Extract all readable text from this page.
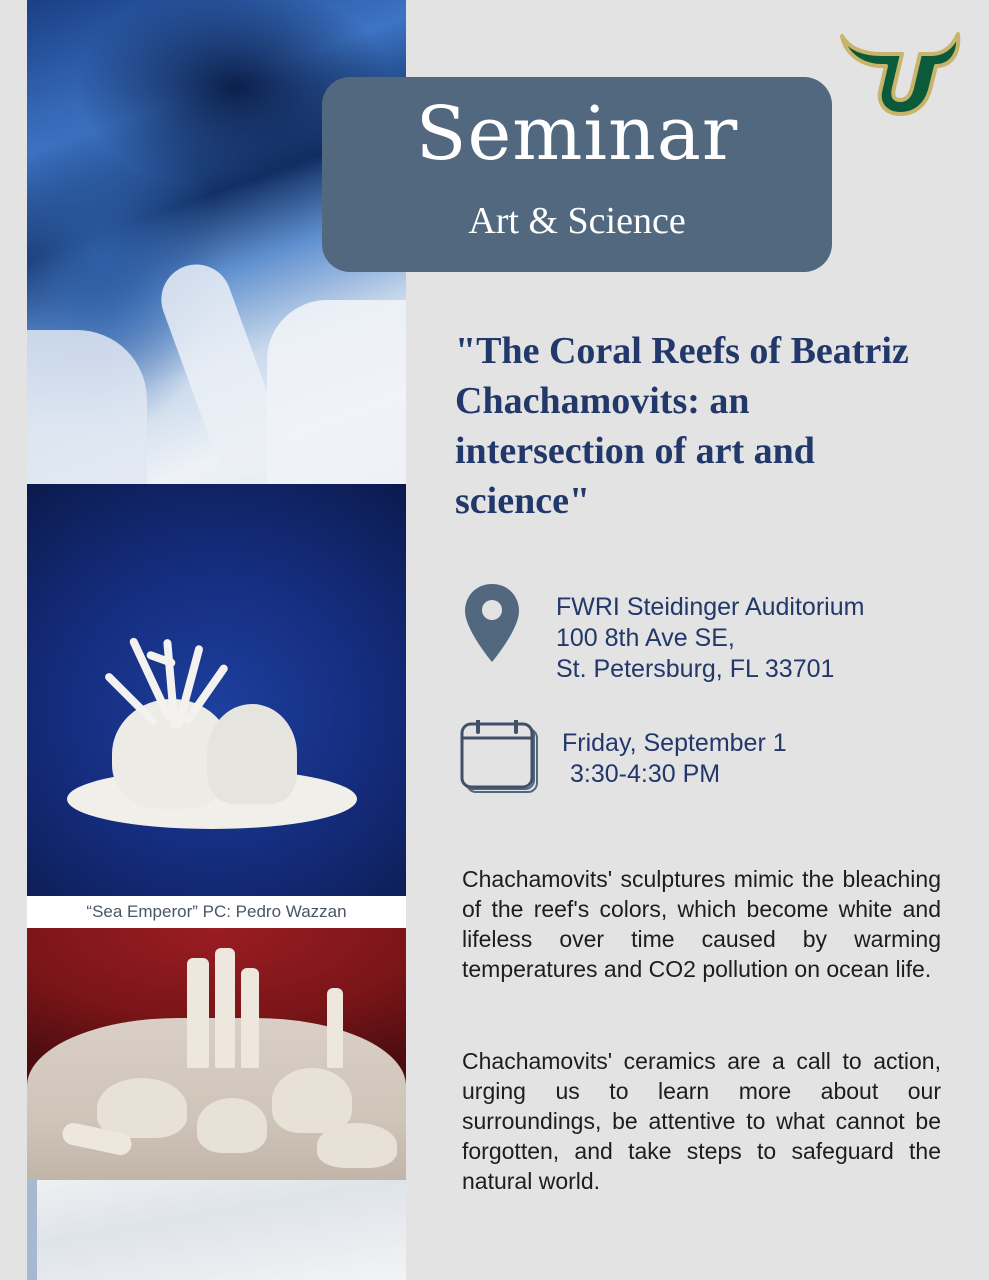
“Sea Emperor” PC: Pedro Wazzan
Seminar
Art & Science
"The Coral Reefs of Beatriz Chachamovits: an intersection of art and science"
FWRI Steidinger Auditorium
100 8th Ave SE,
St. Petersburg, FL 33701
Friday, September 1
3:30-4:30 PM
Chachamovits' sculptures mimic the bleaching of the reef's colors, which become white and lifeless over time caused by warming temperatures and CO2 pollution on ocean life.
Chachamovits' ceramics are a call to action, urging us to learn more about our surroundings, be attentive to what cannot be forgotten, and take steps to safeguard the natural world.
